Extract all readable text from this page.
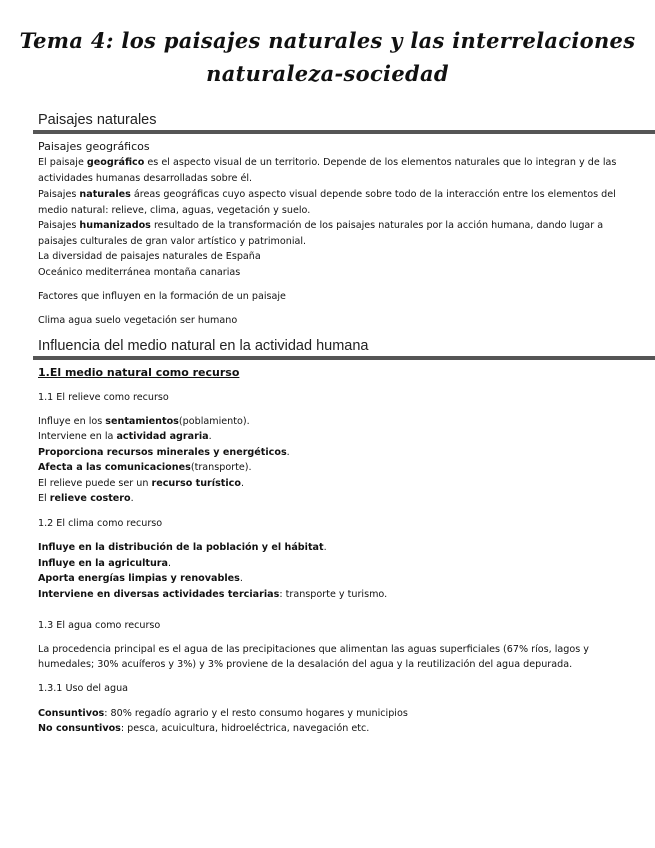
Tema 4: los paisajes naturales y las interrelaciones
naturaleza-sociedad
Paisajes naturales
Paisajes geográficos
El paisaje geográfico es el aspecto visual de un territorio. Depende de los elementos naturales que lo integran y de las
actividades humanas desarrolladas sobre él.
Paisajes naturales áreas geográficas cuyo aspecto visual depende sobre todo de la interacción entre los elementos del
medio natural: relieve, clima, aguas, vegetación y suelo.
Paisajes humanizados resultado de la transformación de los paisajes naturales por la acción humana, dando lugar a
paisajes culturales de gran valor artístico y patrimonial.
La diversidad de paisajes naturales de España
Oceánico mediterránea montaña canarias
Factores que influyen en la formación de un paisaje
Clima agua suelo vegetación ser humano
Influencia del medio natural en la actividad humana
1.El medio natural como recurso
1.1 El relieve como recurso
Influye en los sentamientos(poblamiento).
Interviene en la actividad agraria.
Proporciona recursos minerales y energéticos.
Afecta a las comunicaciones(transporte).
El relieve puede ser un recurso turístico.
El relieve costero.
1.2 El clima como recurso
Influye en la distribución de la población y el hábitat.
Influye en la agricultura.
Aporta energías limpias y renovables.
Interviene en diversas actividades terciarias: transporte y turismo.
1.3 El agua como recurso
La procedencia principal es el agua de las precipitaciones que alimentan las aguas superficiales (67% ríos, lagos y
humedales; 30% acuíferos y 3%) y 3% proviene de la desalación del agua y la reutilización del agua depurada.
1.3.1 Uso del agua
Consuntivos: 80% regadío agrario y el resto consumo hogares y municipios
No consuntivos: pesca, acuicultura, hidroeléctrica, navegación etc.
